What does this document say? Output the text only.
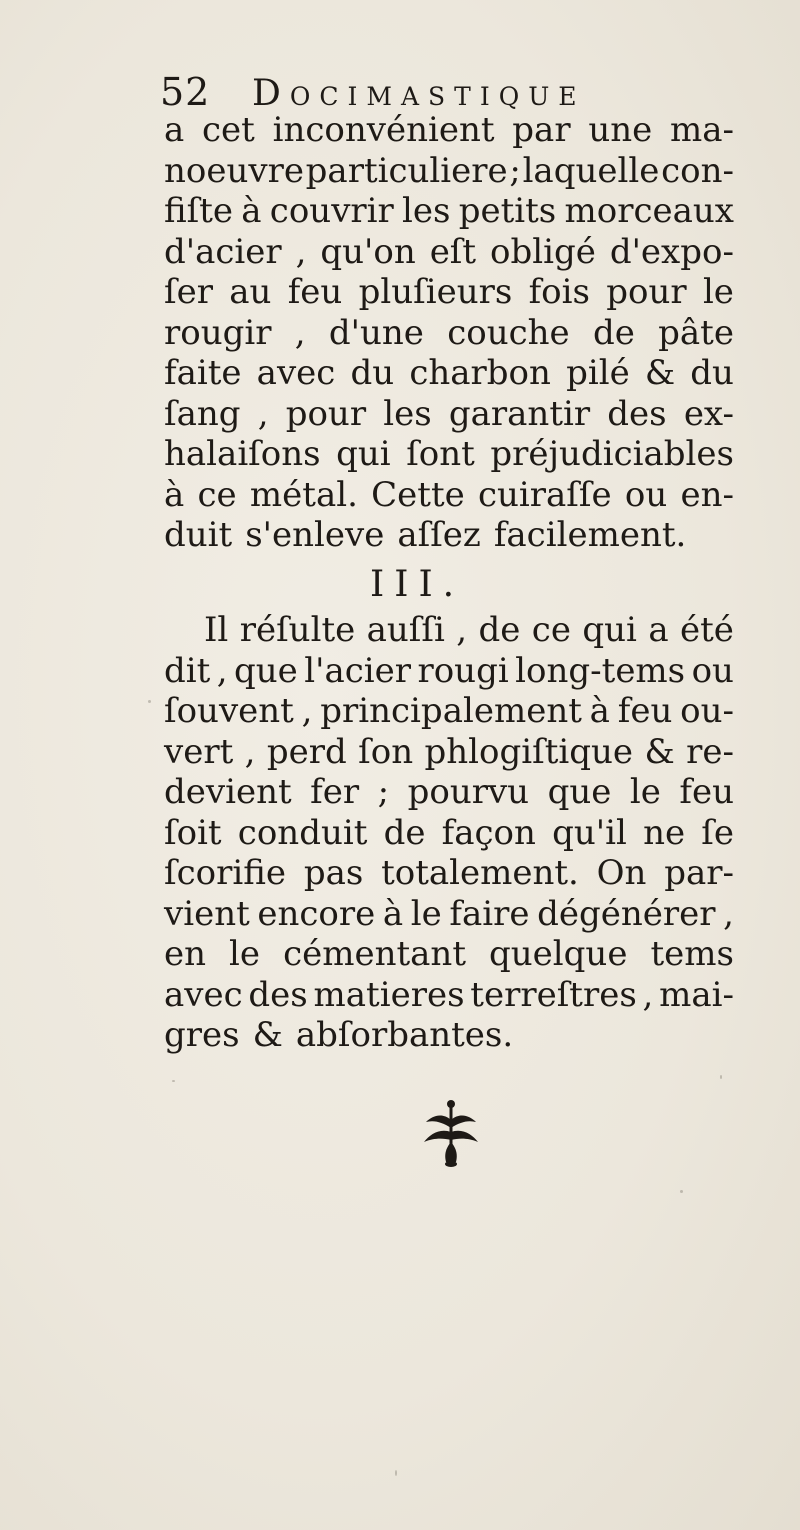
52 Docimastique
a cet inconvénient par une ma-
noeuvre particuliere ; laquelle con-
fiſte à couvrir les petits morceaux
d'acier , qu'on eſt obligé d'expo-
ſer au feu pluſieurs fois pour le
rougir , d'une couche de pâte
faite avec du charbon pilé & du
ſang , pour les garantir des ex-
halaiſons qui ſont préjudiciables
à ce métal. Cette cuiraſſe ou en-
duit s'enleve aſſez facilement.
III.
Il réſulte auſſi , de ce qui a été
dit , que l'acier rougi long-tems ou
ſouvent , principalement à feu ou-
vert , perd ſon phlogiſtique & re-
devient fer ; pourvu que le feu
ſoit conduit de façon qu'il ne ſe
ſcorifie pas totalement. On par-
vient encore à le faire dégénérer ,
en le cémentant quelque tems
avec des matieres terreſtres , mai-
gres & abſorbantes.
